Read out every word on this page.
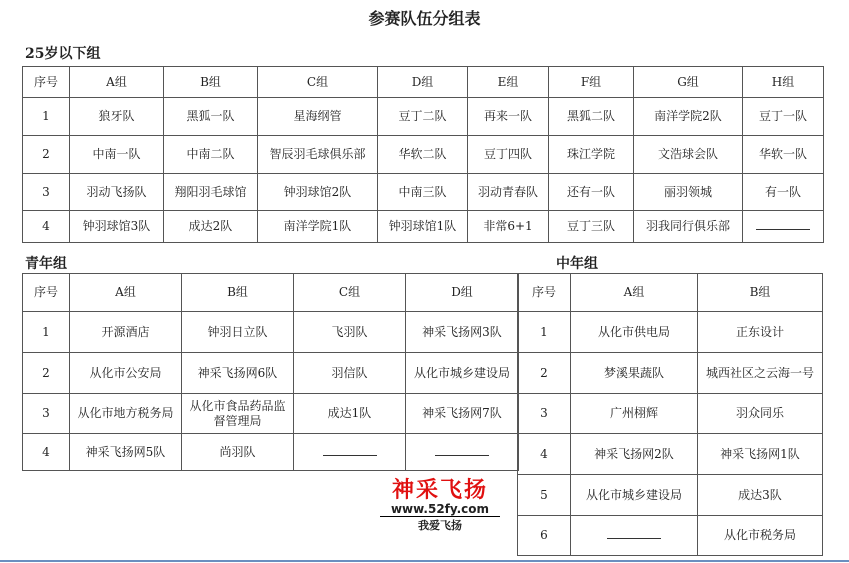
参赛队伍分组表
25岁以下组
青年组	中年组
序号	A组	B组	C组	D组	E组	F组	G组	H组
1	狼牙队	黑狐一队	星海纲管	豆丁二队	再来一队	黑狐二队	南洋学院2队	豆丁一队
2	中南一队	中南二队	智辰羽毛球俱乐部	华软二队	豆丁四队	珠江学院	文浩球会队	华软一队
3	羽动飞扬队	翔阳羽毛球馆	钟羽球馆2队	中南三队	羽动青春队	还有一队	丽羽领城	有一队
4	钟羽球馆3队	成达2队	南洋学院1队	钟羽球馆1队	非常6+1	豆丁三队	羽我同行俱乐部	
序号	A组	B组	C组	D组
1	开源酒店	钟羽日立队	飞羽队	神采飞扬网3队
2	从化市公安局	神采飞扬网6队	羽信队	从化市城乡建设局
3	从化市地方税务局	从化市食品药品监督管理局	成达1队	神采飞扬网7队
4	神采飞扬网5队	尚羽队		
序号	A组	B组
1	从化市供电局	正东设计
2	梦溪果蔬队	城西社区之云海一号
3	广州栩辉	羽众同乐
4	神采飞扬网2队	神采飞扬网1队
5	从化市城乡建设局	成达3队
6		从化市税务局
神采飞扬
www.52fy.com
我爱飞扬
